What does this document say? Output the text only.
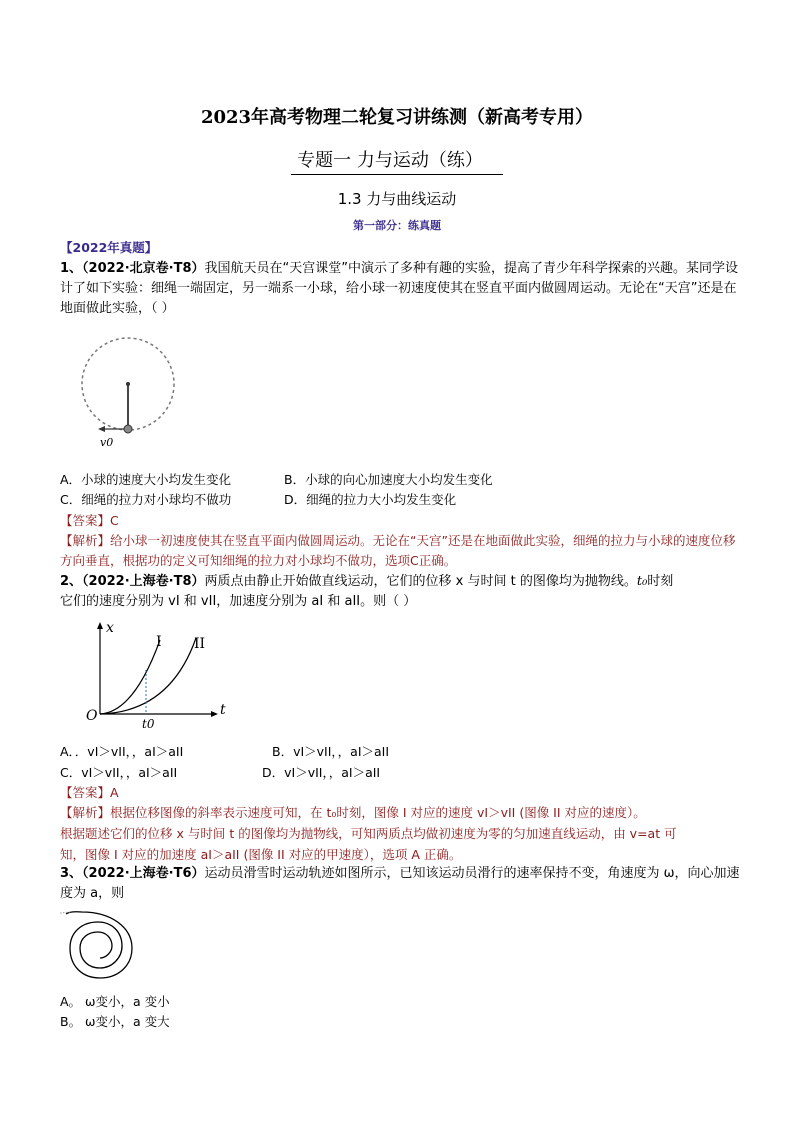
2023年高考物理二轮复习讲练测（新高考专用）
专题一 力与运动（练）
1.3 力与曲线运动
第一部分：练真题
【2022年真题】
1、（2022·北京卷·T8）我国航天员在“天宫课堂”中演示了多种有趣的实验，提高了青少年科学探索的兴趣。某同学设计了如下实验：细绳一端固定，另一端系一小球，给小球一初速度使其在竖直平面内做圆周运动。无论在“天宫”还是在地面做此实验，（ ）
v0
A．小球的速度大小均发生变化	B．小球的向心加速度大小均发生变化
C．细绳的拉力对小球均不做功	D．细绳的拉力大小均发生变化
【答案】C
【解析】给小球一初速度使其在竖直平面内做圆周运动。无论在“天宫”还是在地面做此实验，细绳的拉力与小球的速度位移方向垂直，根据功的定义可知细绳的拉力对小球均不做功，选项C正确。
2、（2022·上海卷·T8）两质点由静止开始做直线运动，它们的位移 x 与时间 t 的图像均为抛物线。t₀时刻
它们的速度分别为 vI 和 vII，加速度分别为 aI 和 aII。则（ ）
t
x
O
I II
t0
A．．vI＞vII，，aI＞aII	B．vI＞vII，，aI＞aII
C．vI＞vII，，aI＞aII	D．vI＞vII，，aI＞aII
【答案】A
【解析】根据位移图像的斜率表示速度可知，在 t₀时刻，图像 I 对应的速度 vI＞vII (图像 II 对应的速度）。
根据题述它们的位移 x 与时间 t 的图像均为抛物线，可知两质点均做初速度为零的匀加速直线运动，由 v=at 可
知，图像 I 对应的加速度 aI＞aII (图像 II 对应的甲速度），选项 A 正确。
3、（2022·上海卷·T6）运动员滑雪时运动轨迹如图所示，已知该运动员滑行的速率保持不变，角速度为 ω，向心加速度为 a，则
A。 ω变小，a 变小
B。 ω变小，a 变大
